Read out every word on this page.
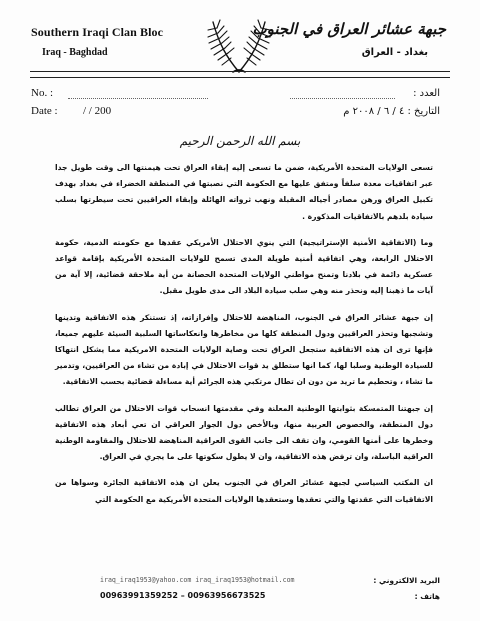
Southern Iraqi Clan Bloc
Iraq - Baghdad
جبهة عشائر العراق في الجنوب
بغداد - العراق
No. :	العدد :
Date : / / 200	التاريخ : ٤ / ٦ / ٢٠٠٨ م
بسم الله الرحمن الرحيم

تسعى الولايات المتحدة الأمريكية، ضمن ما تسعى إليه إبقاء العراق تحت هيمنتها الى وقت طويل جدا عبر اتفاقيات معدة سلفاً ومتفق عليها مع الحكومة التي نصبتها في المنطقة الخضراء في بغداد بهدف تكبيل العراق ورهن مصادر أجياله المقبلة ونهب ثرواته الهائلة وإبقاء العراقيين تحت سيطرتها بسلب سيادة بلدهم بالاتفاقيات المذكورة .

وما (الاتفاقية الأمنية الإستراتيجية) التي ينوي الاحتلال الأمريكي عقدها مع حكومته الدمية، حكومة الاحتلال الرابعة، وهي اتفاقية أمنية طويلة المدى تسمح للولايات المتحدة الأمريكية بإقامة قواعد عسكرية دائمة في بلادنا وتمنح مواطني الولايات المتحدة الحصانة من أية ملاحقة قضائية، إلا آية من آيات ما ذهبنا إليه ونحذر منه وهي سلب سيادة البلاد الى مدى طويل مقبل.

إن جبهة عشائر العراق في الجنوب، المناهضة للاحتلال وإفرازاته، إذ تستنكر هذه الاتفاقية وتدينها وتشجبها وتحذر العراقيين ودول المنطقة كلها من مخاطرها وانعكاساتها السلبية السيئة عليهم جميعا، فإنها ترى ان هذه الاتفاقية ستجعل العراق تحت وصاية الولايات المتحدة الامريكية مما يشكل انتهاكا للسيادة الوطنية وسلبا لها، كما انها ستطلق يد قوات الاحتلال في إبادة من تشاء من العراقيين، وتدمير ما تشاء ، وتحطيم ما تريد من دون ان تطال مرتكبي هذه الجرائم أية مساءلة قضائية بحسب الاتفاقية.

إن جبهتنا المتمسكة بثوابتها الوطنية المعلنة وفي مقدمتها انسحاب قوات الاحتلال من العراق تطالب دول المنطقة، والخصوص العربية منها، وبالأخص دول الجوار العراقي ان تعي أبعاد هذه الاتفاقية وخطرها على أمنها القومي، وان تقف الى جانب القوى العراقية المناهضة للاحتلال والمقاومة الوطنية العراقية الباسلة، وان ترفض هذه الاتفاقية، وان لا يطول سكوتها على ما يجري في العراق.

ان المكتب السياسي لجبهة عشائر العراق في الجنوب يعلن ان هذه الاتفاقية الجائرة وسواها من الاتفاقيات التي عقدتها والتي تعقدها وستعقدها الولايات المتحدة الأمريكية مع الحكومة التي

البريد الالكتروني :
iraq_iraq1953@yahoo.com iraq_iraq1953@hotmail.com
هاتف :
00963991359252 – 00963956673525
